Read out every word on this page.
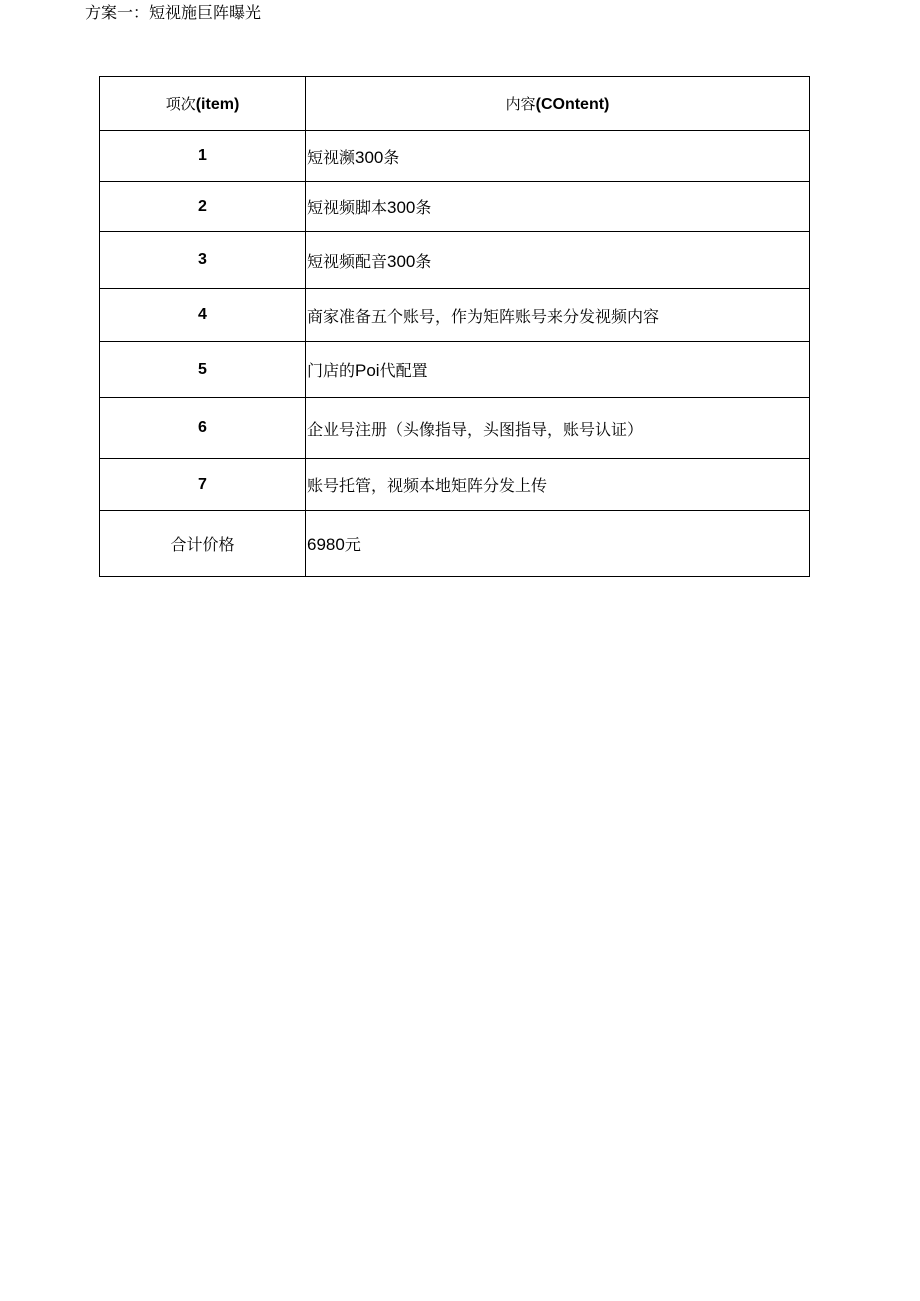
方案一：短视施巨阵曝光
项次(item)	内容(COntent)
1	短视濒300条
2	短视频脚本300条
3	短视频配音300条
4	商家准备五个账号，作为矩阵账号来分发视频内容
5	门店的Poi代配置
6	企业号注册（头像指导，头图指导，账号认证）
7	账号托管，视频本地矩阵分发上传
合计价格	6980元
